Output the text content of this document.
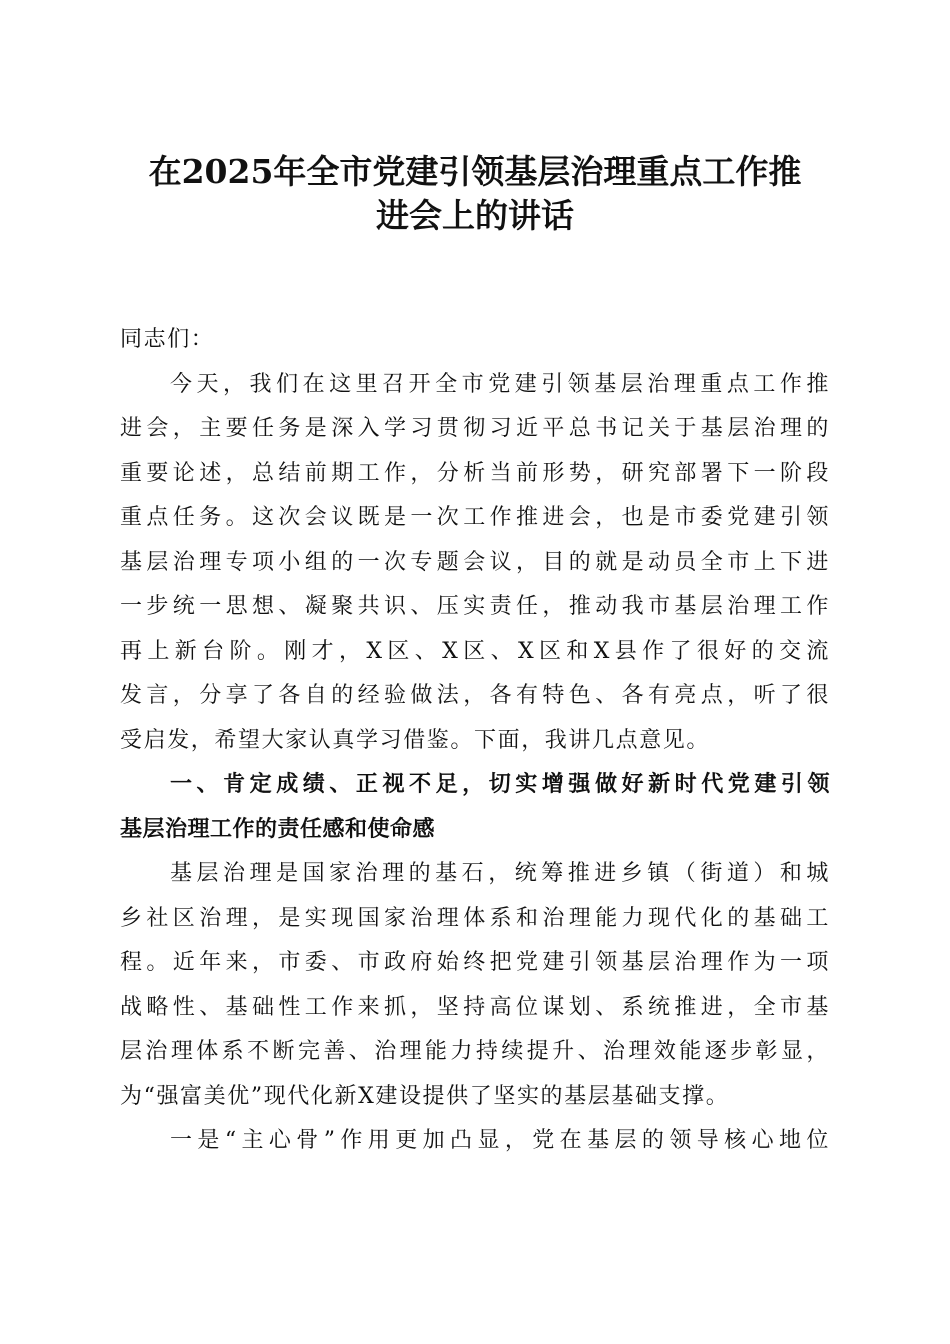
在2025年全市党建引领基层治理重点工作推
进会上的讲话
同志们：
今天，我们在这里召开全市党建引领基层治理重点工作推
进会，主要任务是深入学习贯彻习近平总书记关于基层治理的
重要论述，总结前期工作，分析当前形势，研究部署下一阶段
重点任务。这次会议既是一次工作推进会，也是市委党建引领
基层治理专项小组的一次专题会议，目的就是动员全市上下进
一步统一思想、凝聚共识、压实责任，推动我市基层治理工作
再上新台阶。刚才，X区、X区、X区和X县作了很好的交流
发言，分享了各自的经验做法，各有特色、各有亮点，听了很
受启发，希望大家认真学习借鉴。下面，我讲几点意见。
一、肯定成绩、正视不足，切实增强做好新时代党建引领
基层治理工作的责任感和使命感
基层治理是国家治理的基石，统筹推进乡镇（街道）和城
乡社区治理，是实现国家治理体系和治理能力现代化的基础工
程。近年来，市委、市政府始终把党建引领基层治理作为一项
战略性、基础性工作来抓，坚持高位谋划、系统推进，全市基
层治理体系不断完善、治理能力持续提升、治理效能逐步彰显，
为“强富美优”现代化新X建设提供了坚实的基层基础支撑。
一是“主心骨”作用更加凸显，党在基层的领导核心地位
